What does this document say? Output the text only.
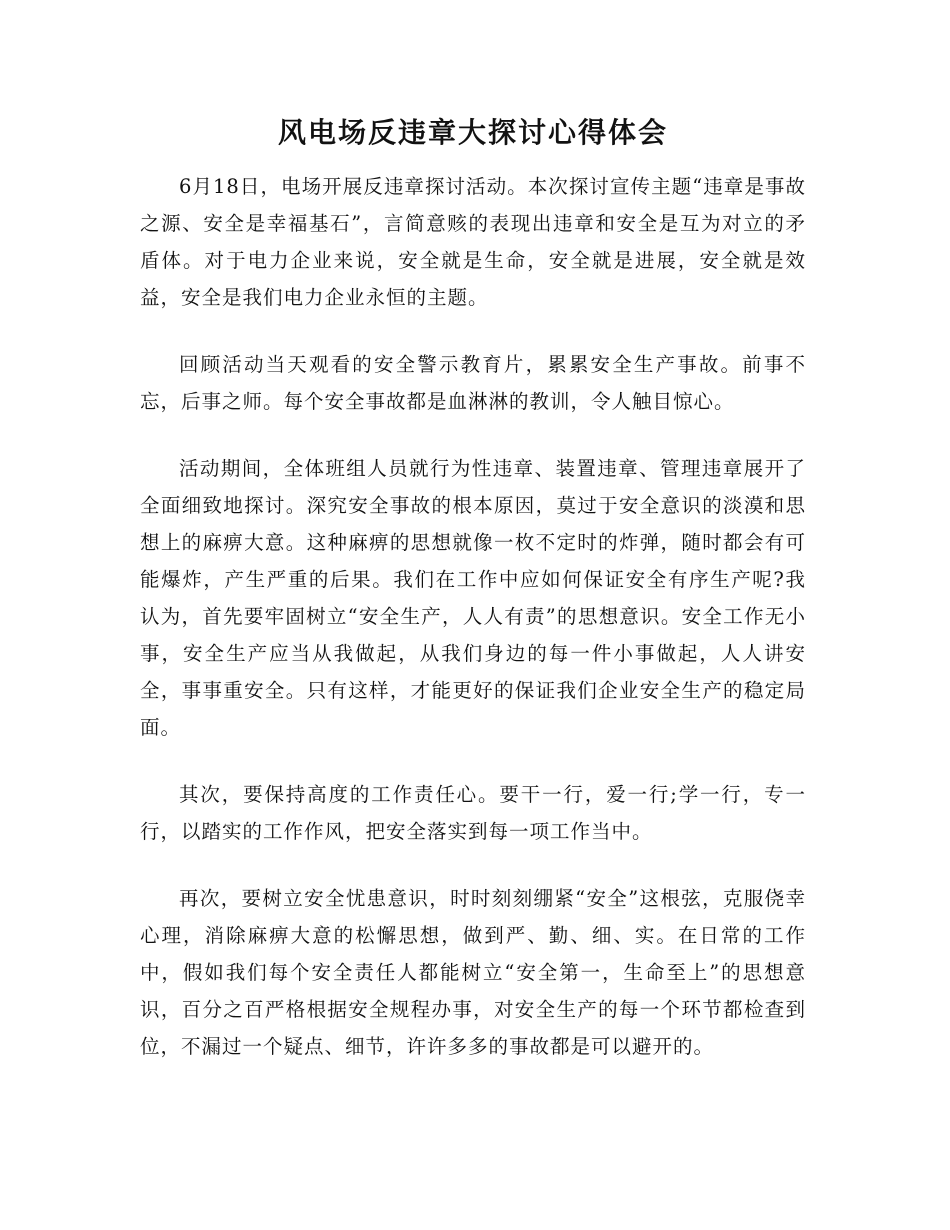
风电场反违章大探讨心得体会

6月18日，电场开展反违章探讨活动。本次探讨宣传主题“违章是事故之源、安全是幸福基石”，言简意赅的表现出违章和安全是互为对立的矛盾体。对于电力企业来说，安全就是生命，安全就是进展，安全就是效益，安全是我们电力企业永恒的主题。

回顾活动当天观看的安全警示教育片，累累安全生产事故。前事不忘，后事之师。每个安全事故都是血淋淋的教训，令人触目惊心。

活动期间，全体班组人员就行为性违章、装置违章、管理违章展开了全面细致地探讨。深究安全事故的根本原因，莫过于安全意识的淡漠和思想上的麻痹大意。这种麻痹的思想就像一枚不定时的炸弹，随时都会有可能爆炸，产生严重的后果。我们在工作中应如何保证安全有序生产呢?我认为，首先要牢固树立“安全生产，人人有责”的思想意识。安全工作无小事，安全生产应当从我做起，从我们身边的每一件小事做起，人人讲安全，事事重安全。只有这样，才能更好的保证我们企业安全生产的稳定局面。

其次，要保持高度的工作责任心。要干一行，爱一行;学一行，专一行，以踏实的工作作风，把安全落实到每一项工作当中。

再次，要树立安全忧患意识，时时刻刻绷紧“安全”这根弦，克服侥幸心理，消除麻痹大意的松懈思想，做到严、勤、细、实。在日常的工作中，假如我们每个安全责任人都能树立“安全第一，生命至上”的思想意识，百分之百严格根据安全规程办事，对安全生产的每一个环节都检查到位，不漏过一个疑点、细节，许许多多的事故都是可以避开的。
